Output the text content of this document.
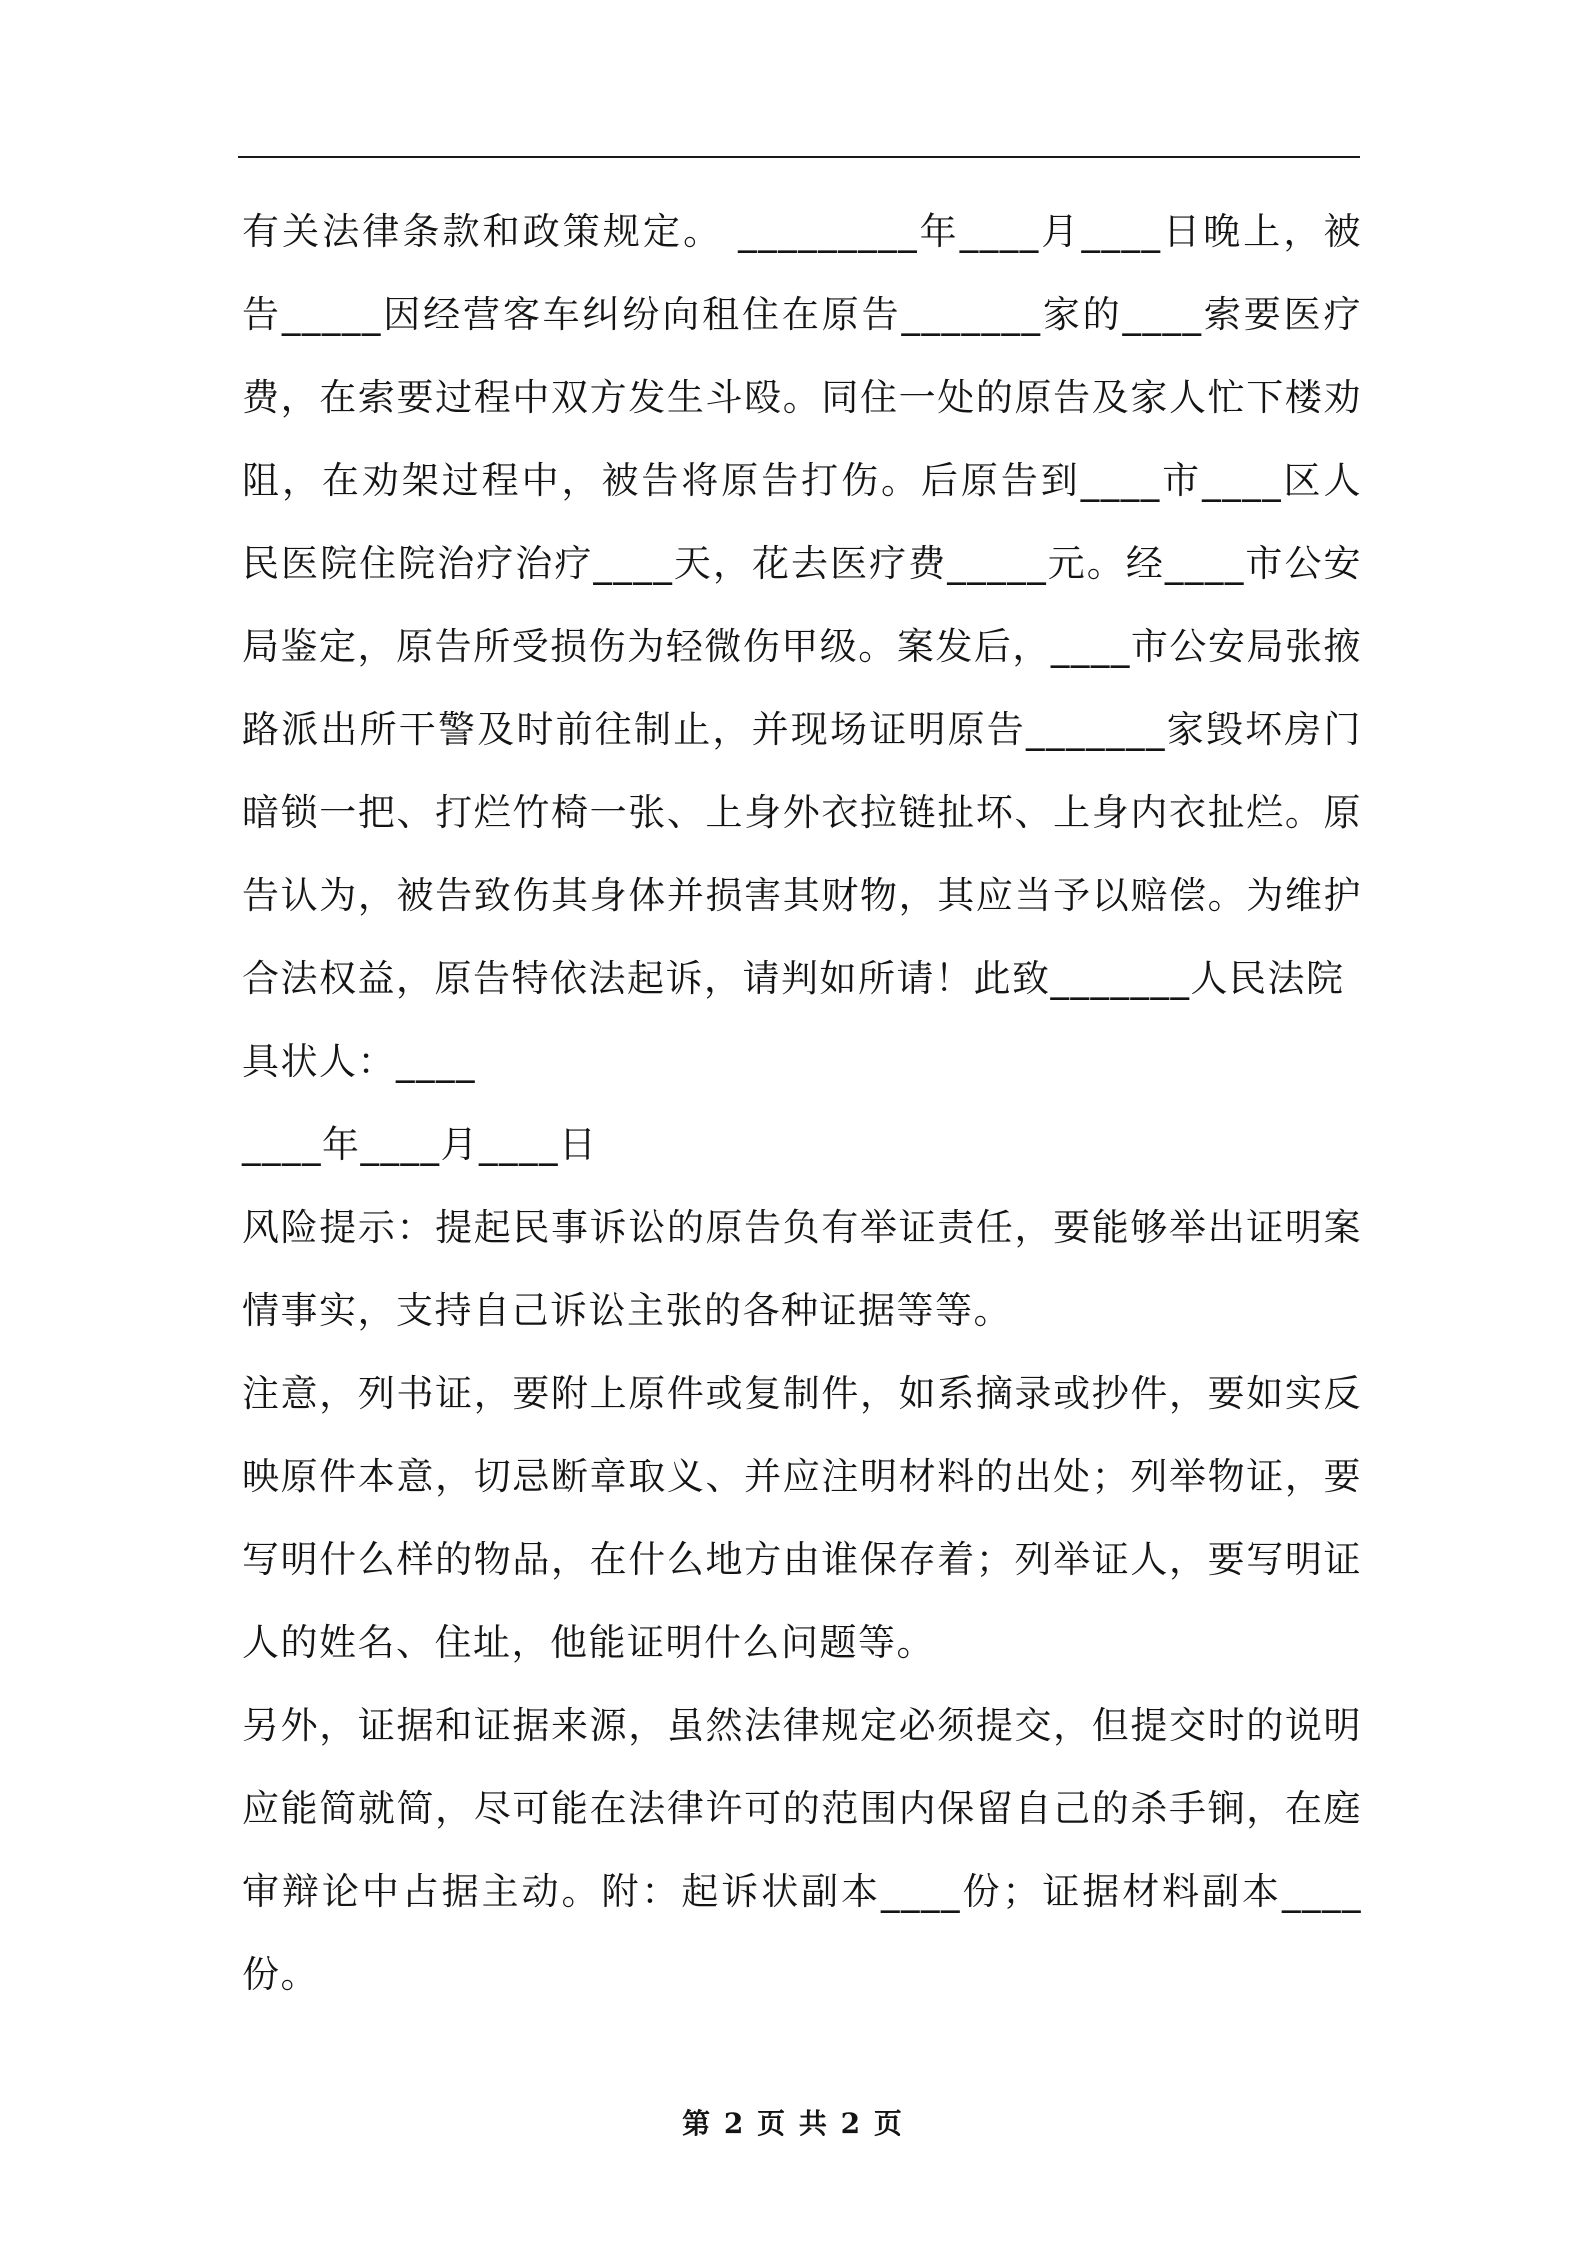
有关法律条款和政策规定。 _________年____月____日晚上，被告_____因经营客车纠纷向租住在原告_______家的____索要医疗费，在索要过程中双方发生斗殴。同住一处的原告及家人忙下楼劝阻，在劝架过程中，被告将原告打伤。后原告到____市____区人民医院住院治疗治疗____天，花去医疗费_____元。经____市公安局鉴定，原告所受损伤为轻微伤甲级。案发后，____市公安局张掖路派出所干警及时前往制止，并现场证明原告_______家毁坏房门暗锁一把、打烂竹椅一张、上身外衣拉链扯坏、上身内衣扯烂。原告认为，被告致伤其身体并损害其财物，其应当予以赔偿。为维护合法权益，原告特依法起诉，请判如所请！此致_______人民法院

具状人：____

____年____月____日

风险提示：提起民事诉讼的原告负有举证责任，要能够举出证明案情事实，支持自己诉讼主张的各种证据等等。

注意，列书证，要附上原件或复制件，如系摘录或抄件，要如实反映原件本意，切忌断章取义、并应注明材料的出处；列举物证，要写明什么样的物品，在什么地方由谁保存着；列举证人，要写明证人的姓名、住址，他能证明什么问题等。

另外，证据和证据来源，虽然法律规定必须提交，但提交时的说明应能简就简，尽可能在法律许可的范围内保留自己的杀手锏，在庭审辩论中占据主动。附：起诉状副本____份；证据材料副本____份。

第 2 页 共 2 页
